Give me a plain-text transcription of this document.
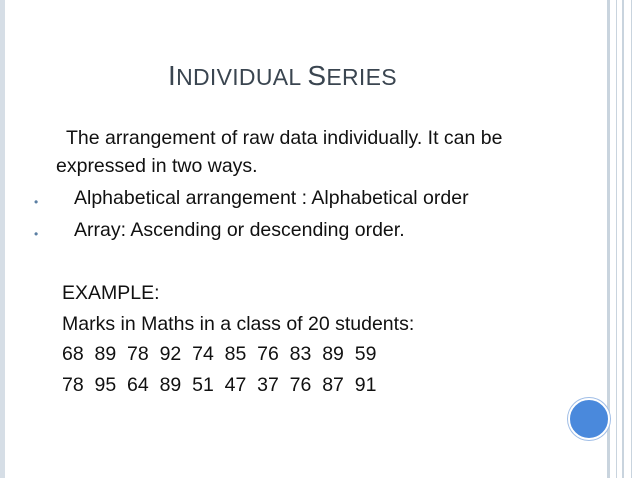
INDIVIDUAL SERIES
The arrangement of raw data individually. It can be
expressed in two ways.
• Alphabetical arrangement : Alphabetical order
• Array: Ascending or descending order.
EXAMPLE:
Marks in Maths in a class of 20 students:
68  89  78  92  74  85  76  83  89  59
78  95  64  89  51  47  37  76  87  91
